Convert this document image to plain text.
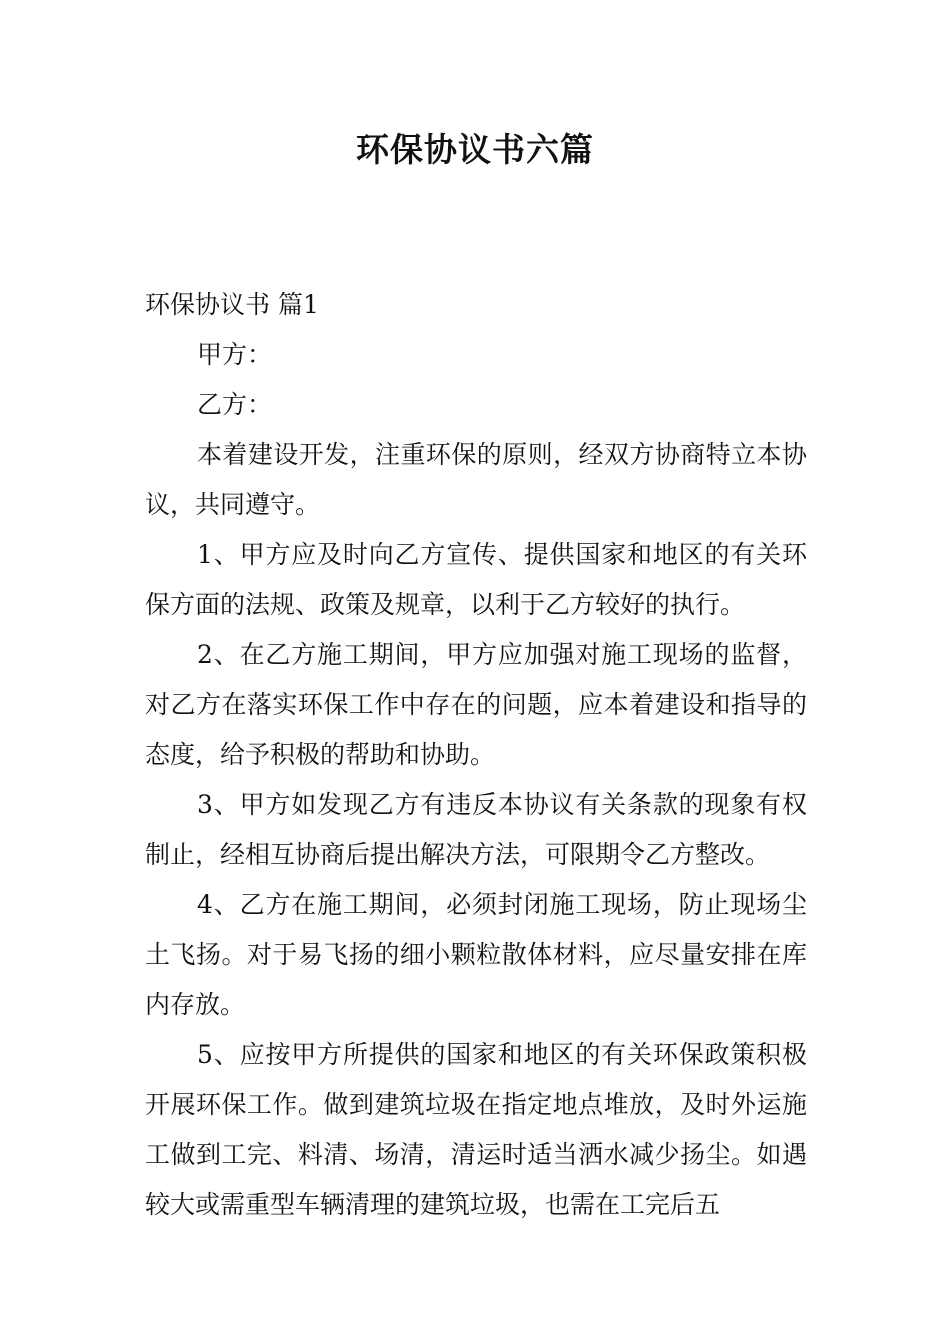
环保协议书六篇

环保协议书 篇1

甲方：

乙方：

本着建设开发，注重环保的原则，经双方协商特立本协议，共同遵守。

1、甲方应及时向乙方宣传、提供国家和地区的有关环保方面的法规、政策及规章，以利于乙方较好的执行。

2、在乙方施工期间，甲方应加强对施工现场的监督，对乙方在落实环保工作中存在的问题，应本着建设和指导的态度，给予积极的帮助和协助。

3、甲方如发现乙方有违反本协议有关条款的现象有权制止，经相互协商后提出解决方法，可限期令乙方整改。

4、乙方在施工期间，必须封闭施工现场，防止现场尘土飞扬。对于易飞扬的细小颗粒散体材料，应尽量安排在库内存放。

5、应按甲方所提供的国家和地区的有关环保政策积极开展环保工作。做到建筑垃圾在指定地点堆放，及时外运施工做到工完、料清、场清，清运时适当洒水减少扬尘。如遇较大或需重型车辆清理的建筑垃圾，也需在工完后五
